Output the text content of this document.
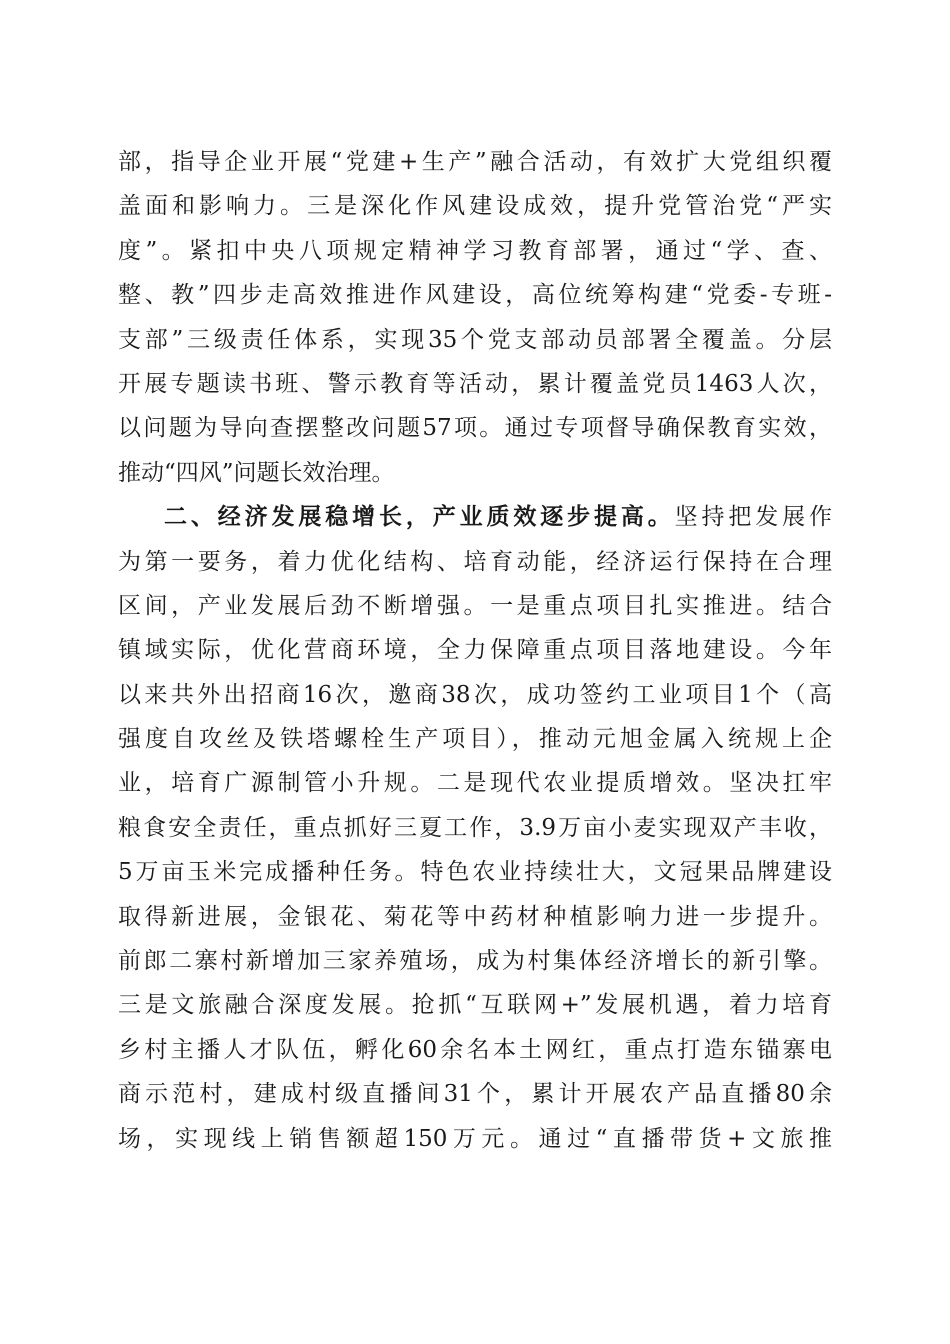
部，指导企业开展“党建+生产”融合活动，有效扩大党组织覆
盖面和影响力。三是深化作风建设成效，提升党管治党“严实
度”。紧扣中央八项规定精神学习教育部署，通过“学、查、
整、教”四步走高效推进作风建设，高位统筹构建“党委-专班-
支部”三级责任体系，实现35个党支部动员部署全覆盖。分层
开展专题读书班、警示教育等活动，累计覆盖党员1463人次，
以问题为导向查摆整改问题57项。通过专项督导确保教育实效，
推动“四风”问题长效治理。
二、经济发展稳增长，产业质效逐步提高。坚持把发展作
为第一要务，着力优化结构、培育动能，经济运行保持在合理
区间，产业发展后劲不断增强。一是重点项目扎实推进。结合
镇域实际，优化营商环境，全力保障重点项目落地建设。今年
以来共外出招商16次，邀商38次，成功签约工业项目1个（高
强度自攻丝及铁塔螺栓生产项目），推动元旭金属入统规上企
业，培育广源制管小升规。二是现代农业提质增效。坚决扛牢
粮食安全责任，重点抓好三夏工作，3.9万亩小麦实现双产丰收，
5万亩玉米完成播种任务。特色农业持续壮大，文冠果品牌建设
取得新进展，金银花、菊花等中药材种植影响力进一步提升。
前郎二寨村新增加三家养殖场，成为村集体经济增长的新引擎。
三是文旅融合深度发展。抢抓“互联网+”发展机遇，着力培育
乡村主播人才队伍，孵化60余名本土网红，重点打造东锚寨电
商示范村，建成村级直播间31个，累计开展农产品直播80余
场，实现线上销售额超150万元。通过“直播带货+文旅推
